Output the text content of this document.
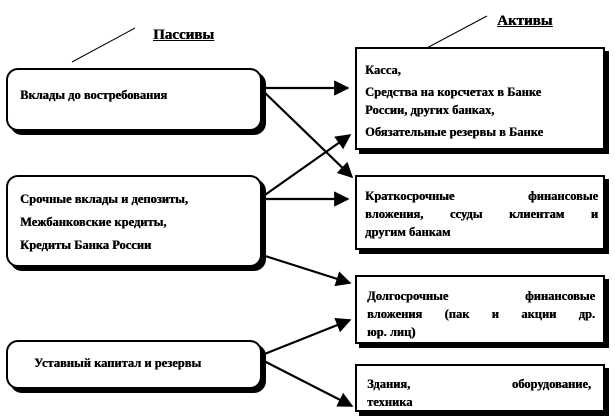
Пассивы
Активы
Вклады до востребования
Срочные вклады и депозиты,
Межбанковские кредиты,
Кредиты Банка России
Уставный капитал и резервы
Касса,
Средства на корсчетах в Банке
России, других банках,
Обязательные резервы в Банке
Краткосрочные финансовые
вложения, ссуды клиентам и
другим банкам
Долгосрочные финансовые
вложения (пак и акции др.
юр. лиц)
Здания, оборудование,
техника
